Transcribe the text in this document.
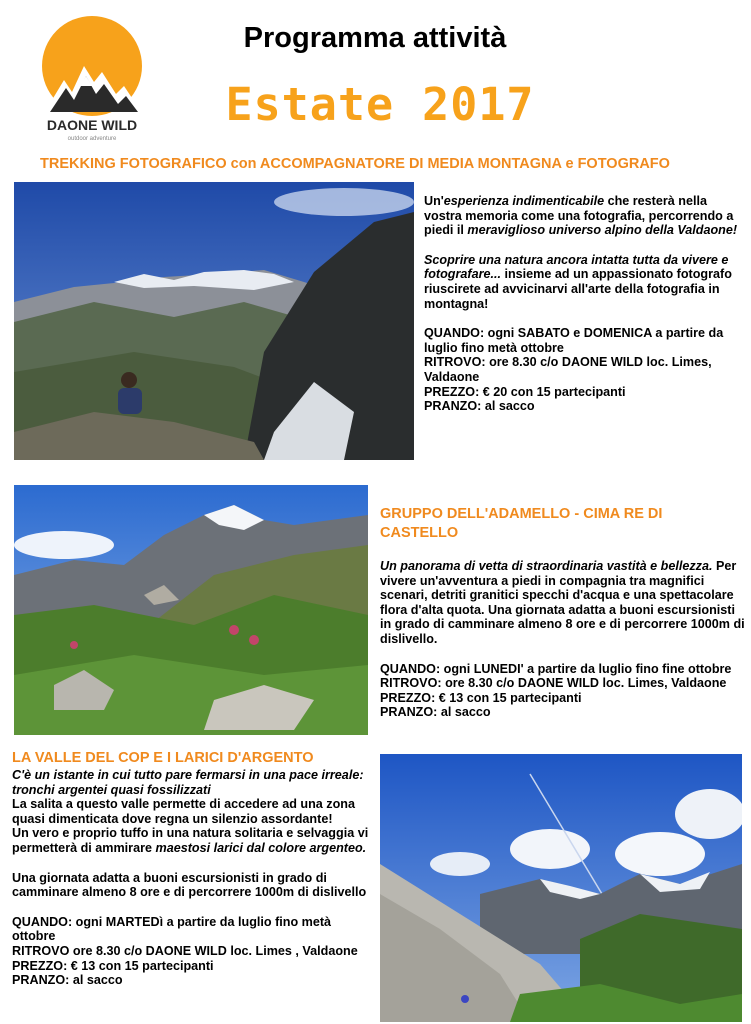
DAONE WILD
outdoor adventure
Programma attività
Estate 2017
TREKKING FOTOGRAFICO con ACCOMPAGNATORE DI MEDIA MONTAGNA e FOTOGRAFO

Un'esperienza indimenticabile che resterà nella vostra memoria come una fotografia, percorrendo a piedi il meraviglioso universo alpino della Valdaone!

Scoprire una natura ancora intatta tutta da vivere e fotografare... insieme ad un appassionato fotografo riuscirete ad avvicinarvi all'arte della fotografia in montagna!

QUANDO: ogni SABATO e DOMENICA a partire da luglio fino metà ottobre

RITROVO: ore 8.30 c/o DAONE WILD loc. Limes, Valdaone

PREZZO: € 20 con 15 partecipanti

PRANZO: al sacco

GRUPPO DELL'ADAMELLO - CIMA RE DI CASTELLO

Un panorama di vetta di straordinaria vastità e bellezza. Per vivere un'avventura a piedi in compagnia tra magnifici scenari, detriti granitici specchi d'acqua e una spettacolare flora d'alta quota. Una giornata adatta a buoni escursionisti in grado di camminare almeno 8 ore e di percorrere 1000m di dislivello.

QUANDO: ogni LUNEDI' a partire da luglio fino fine ottobre

RITROVO: ore 8.30 c/o DAONE WILD loc. Limes, Valdaone

PREZZO: € 13 con 15 partecipanti

PRANZO: al sacco

LA VALLE DEL COP E I LARICI D'ARGENTO

C'è un istante in cui tutto pare fermarsi in una pace irreale: tronchi argentei quasi fossilizzati

La salita a questo valle permette di accedere ad una zona quasi dimenticata dove regna un silenzio assordante!

Un vero e proprio tuffo in una natura solitaria e selvaggia vi permetterà di ammirare maestosi larici dal colore argenteo.

Una giornata adatta a buoni escursionisti in grado di camminare almeno 8 ore e di percorrere 1000m di dislivello

QUANDO: ogni MARTEDì a partire da luglio fino metà ottobre

RITROVO ore 8.30 c/o DAONE WILD loc. Limes , Valdaone

PREZZO: € 13 con 15 partecipanti

PRANZO: al sacco
